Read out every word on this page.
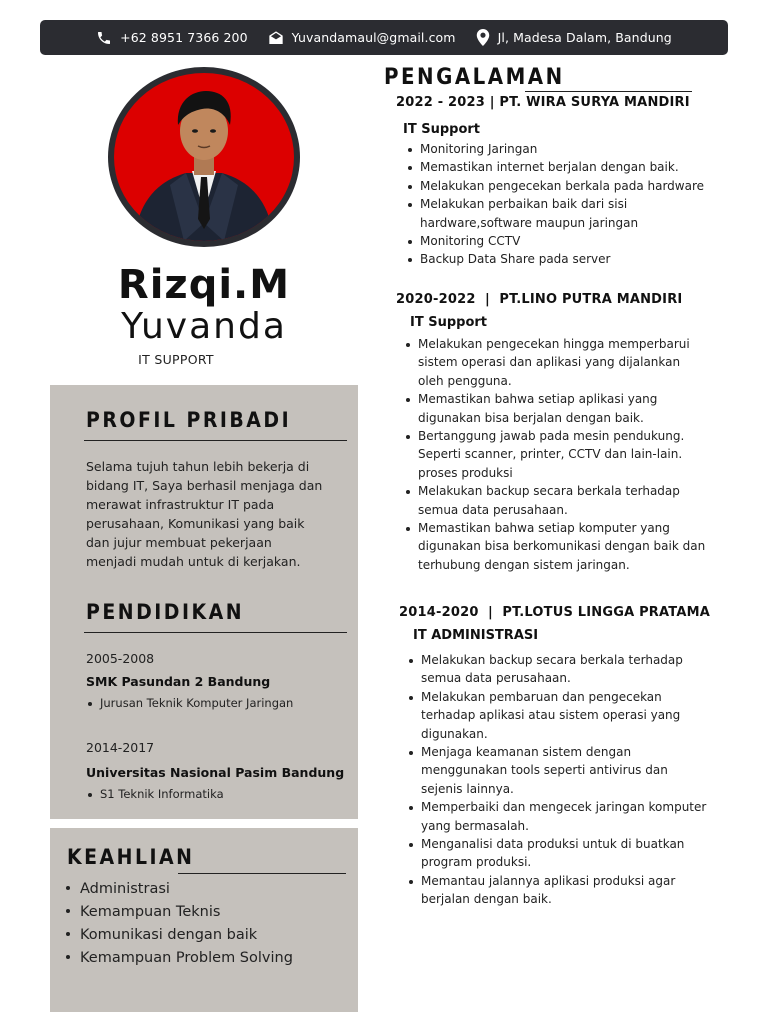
+62 8951 7366 200	Yuvandamaul@gmail.com	Jl, Madesa Dalam, Bandung
Rizqi.M
Yuvanda
IT SUPPORT
PROFIL PRIBADI
Selama tujuh tahun lebih bekerja di
bidang IT, Saya berhasil menjaga dan
merawat infrastruktur IT pada
perusahaan, Komunikasi yang baik
dan jujur membuat pekerjaan
menjadi mudah untuk di kerjakan.
PENDIDIKAN
2005-2008
SMK Pasundan 2 Bandung
Jurusan Teknik Komputer Jaringan
2014-2017
Universitas Nasional Pasim Bandung
S1 Teknik Informatika
KEAHLIAN
Administrasi
Kemampuan Teknis
Komunikasi dengan baik
Kemampuan Problem Solving
PENGALAMAN
2022 - 2023 | PT. WIRA SURYA MANDIRI
IT Support
Monitoring Jaringan
Memastikan internet berjalan dengan baik.
Melakukan pengecekan berkala pada hardware
Melakukan perbaikan baik dari sisi
hardware,software maupun jaringan
Monitoring CCTV
Backup Data Share pada server
2020-2022  |  PT.LINO PUTRA MANDIRI
IT Support
Melakukan pengecekan hingga memperbarui
sistem operasi dan aplikasi yang dijalankan
oleh pengguna.
Memastikan bahwa setiap aplikasi yang
digunakan bisa berjalan dengan baik.
Bertanggung jawab pada mesin pendukung.
Seperti scanner, printer, CCTV dan lain-lain.
proses produksi
Melakukan backup secara berkala terhadap
semua data perusahaan.
Memastikan bahwa setiap komputer yang
digunakan bisa berkomunikasi dengan baik dan
terhubung dengan sistem jaringan.
2014-2020  |  PT.LOTUS LINGGA PRATAMA
IT ADMINISTRASI
Melakukan backup secara berkala terhadap
semua data perusahaan.
Melakukan pembaruan dan pengecekan
terhadap aplikasi atau sistem operasi yang
digunakan.
Menjaga keamanan sistem dengan
menggunakan tools seperti antivirus dan
sejenis lainnya.
Memperbaiki dan mengecek jaringan komputer
yang bermasalah.
Menganalisi data produksi untuk di buatkan
program produksi.
Memantau jalannya aplikasi produksi agar
berjalan dengan baik.
